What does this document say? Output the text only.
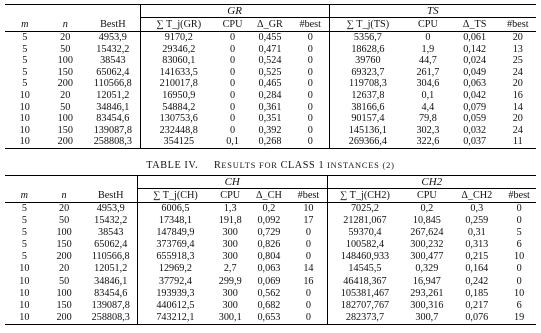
			GR				TS			
m	n	BestH	∑ T_j(GR)	CPU	Δ_GR	#best	∑ T_j(TS)	CPU	Δ_TS	#best
5	20	4953,9	9170,2	0	0,455	0	5356,7	0	0,061	20
5	50	15432,2	29346,2	0	0,471	0	18628,6	1,9	0,142	13
5	100	38543	83060,1	0	0,524	0	39760	44,7	0,024	25
5	150	65062,4	141633,5	0	0,525	0	69323,7	261,7	0,049	24
5	200	110566,8	210017,8	0	0,465	0	119708,3	304,6	0,063	20
10	20	12051,2	16950,9	0	0,284	0	12637,8	0,1	0,042	16
10	50	34846,1	54884,2	0	0,361	0	38166,6	4,4	0,079	14
10	100	83454,6	130753,6	0	0,351	0	90157,4	79,8	0,059	20
10	150	139087,8	232448,8	0	0,392	0	145136,1	302,3	0,032	24
10	200	258808,3	354125	0,1	0,268	0	269366,4	322,6	0,037	11
TABLE IV. RESULTS FOR CLASS 1 INSTANCES (2)
			CH				CH2			
m	n	BestH	∑ T_j(CH)	CPU	Δ_CH	#best	∑ T_j(CH2)	CPU	Δ_CH2	#best
5	20	4953,9	6006,5	1,3	0,2	10	7025,2	0,2	0,3	0
5	50	15432,2	17348,1	191,8	0,092	17	21281,067	10,845	0,259	0
5	100	38543	147849,9	300	0,729	0	59370,4	267,624	0,31	5
5	150	65062,4	373769,4	300	0,826	0	100582,4	300,232	0,313	6
5	200	110566,8	655918,3	300	0,804	0	148460,933	300,477	0,215	10
10	20	12051,2	12969,2	2,7	0,063	14	14545,5	0,329	0,164	0
10	50	34846,1	37792,4	299,9	0,069	16	46418,367	16,947	0,242	0
10	100	83454,6	193939,3	300	0,562	0	105381,467	293,261	0,185	10
10	150	139087,8	440612,5	300	0,682	0	182707,767	300,316	0,217	6
10	200	258808,3	743212,1	300,1	0,653	0	282373,7	300,7	0,076	19
